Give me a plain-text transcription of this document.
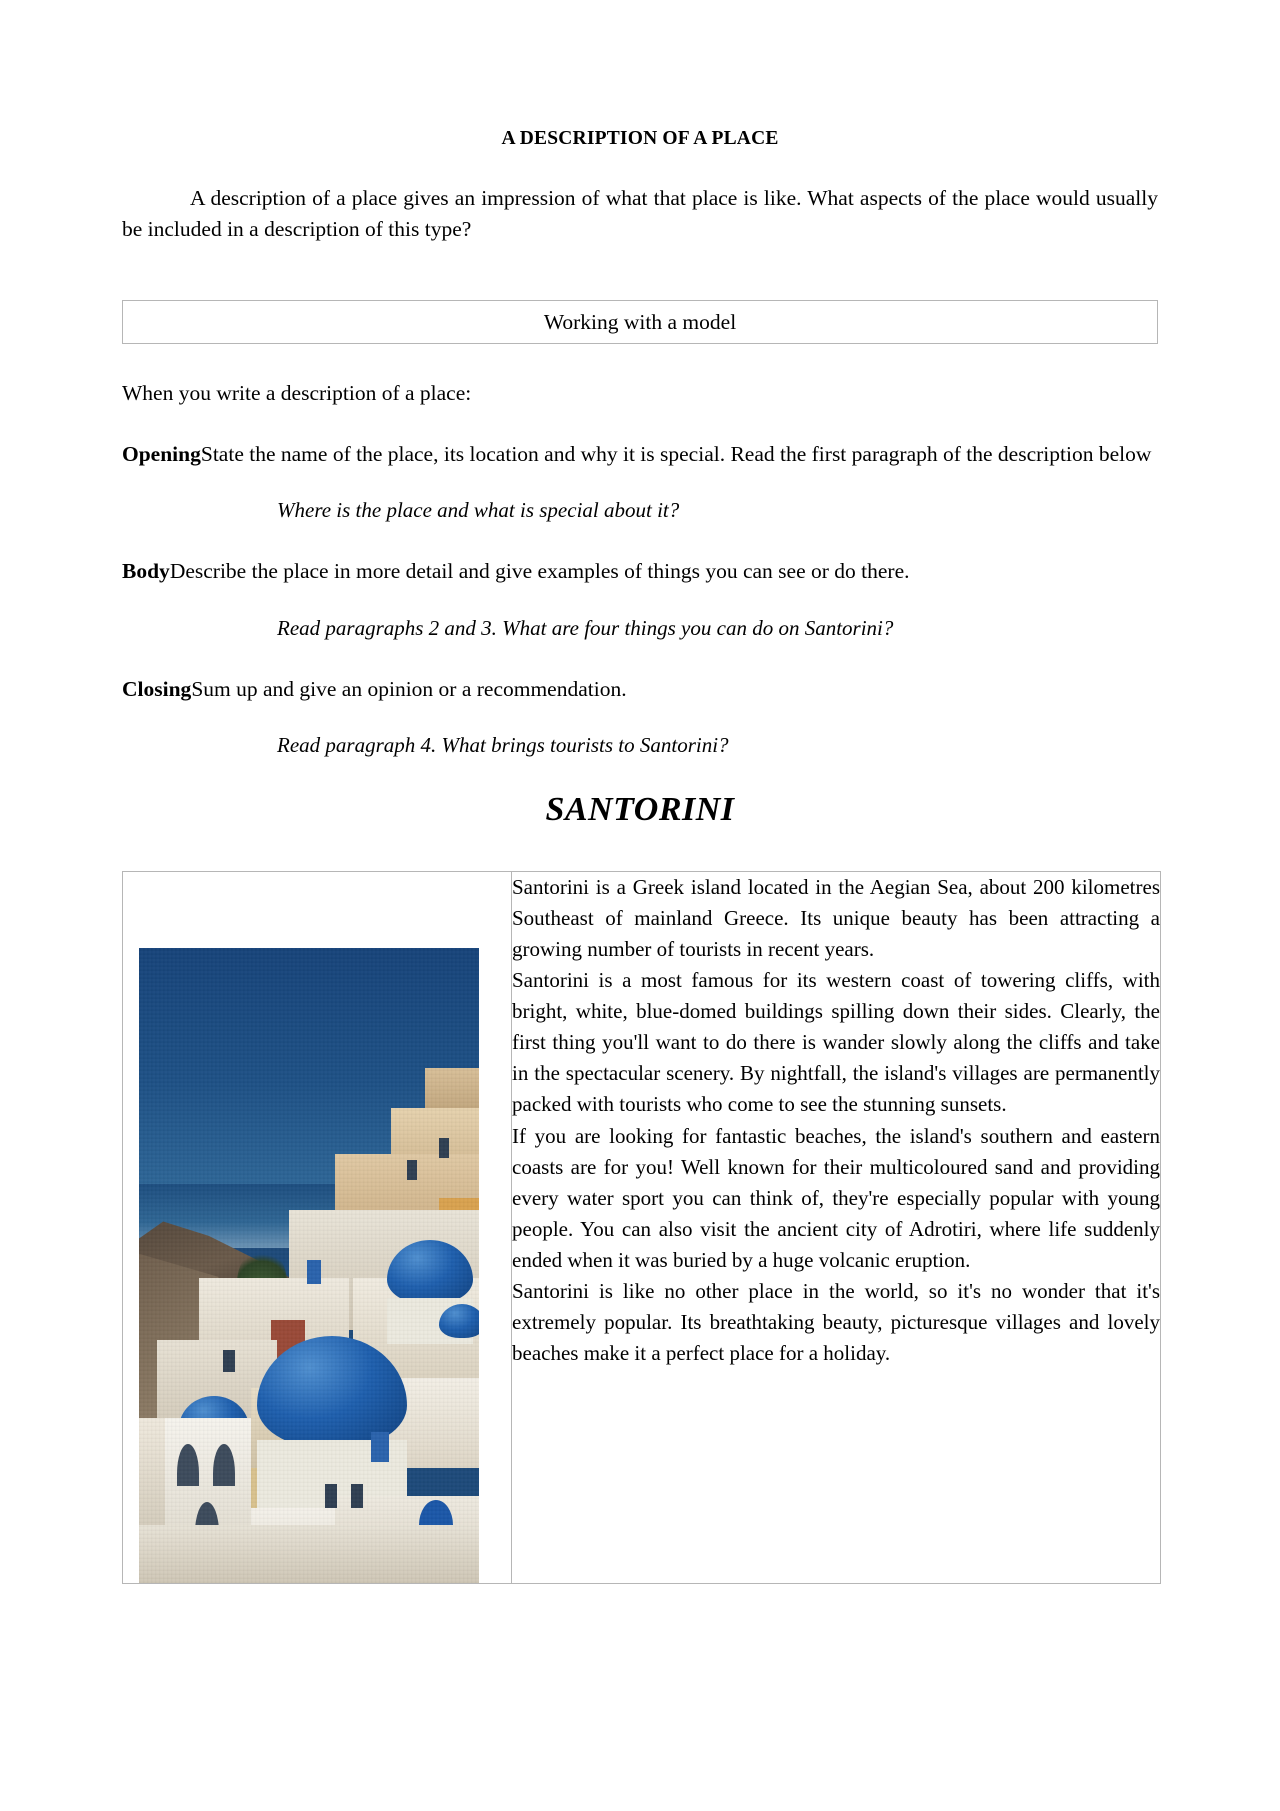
A DESCRIPTION OF A PLACE

A description of a place gives an impression of what that place is like. What aspects of the place would usually be included in a description of this type?

Working with a model

When you write a description of a place:

Opening       State the name of the place, its location and why it is special. Read the first paragraph of the description below

Where is the place and what is special about it?

Body            Describe the place in more detail and give examples of things you can see or do there.

Read paragraphs 2 and 3. What are four things you can do on Santorini?

Closing       Sum up and give an opinion or a recommendation.

Read paragraph 4. What brings tourists to Santorini?

SANTORINI

Santorini is a Greek island located in the Aegian Sea, about 200 kilometres Southeast of mainland Greece. Its unique beauty has been attracting a growing number of tourists in recent years.

Santorini is a most famous for its western coast of towering cliffs, with bright, white, blue-domed buildings spilling down their sides. Clearly, the first thing you'll want to do there is wander slowly along the cliffs and take in the spectacular scenery. By nightfall, the island's villages are permanently packed with tourists who come to see the stunning sunsets.

If you are looking for fantastic beaches, the island's southern and eastern coasts are for you! Well known for their multicoloured sand and providing every water sport you can think of, they're especially popular with young people. You can also visit the ancient city of Adrotiri, where life suddenly ended when it was buried by a huge volcanic eruption.

Santorini is like no other place in the world, so it's no wonder that it's extremely popular. Its breathtaking beauty, picturesque villages and lovely beaches make it a perfect place for a holiday.
